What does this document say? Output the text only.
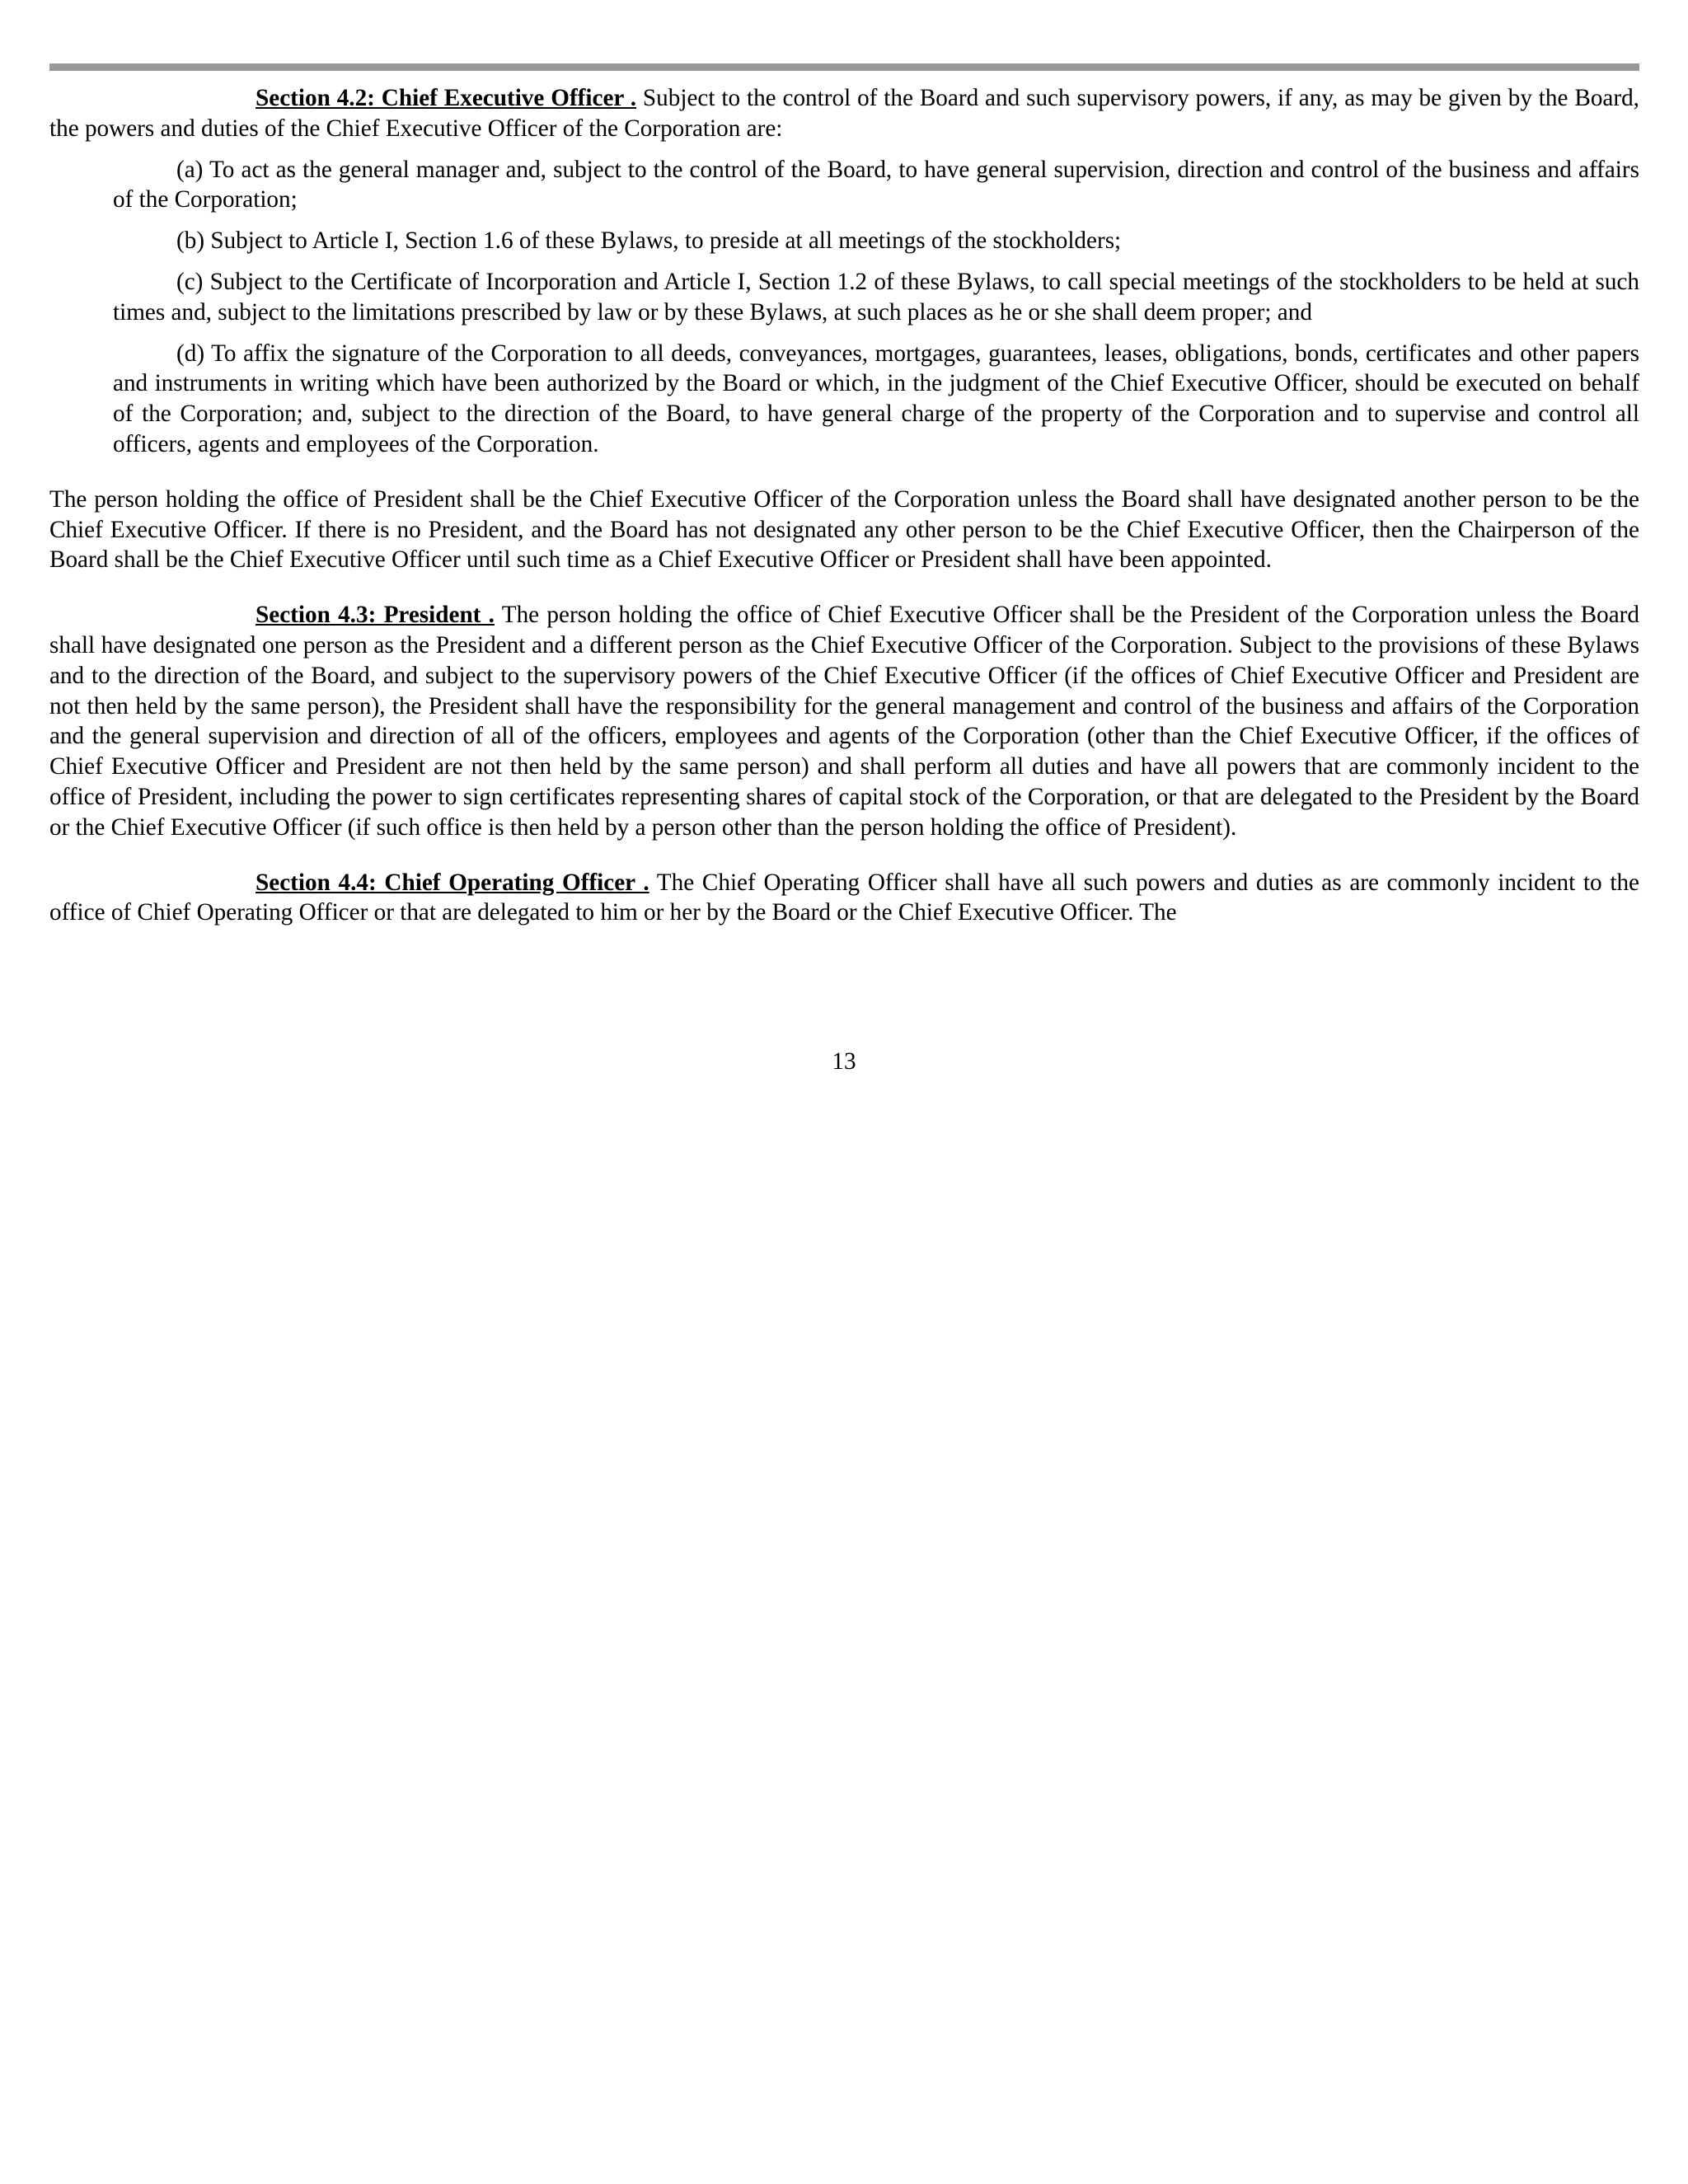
Section 4.2: Chief Executive Officer . Subject to the control of the Board and such supervisory powers, if any, as may be given by the Board, the powers and duties of the Chief Executive Officer of the Corporation are:

(a) To act as the general manager and, subject to the control of the Board, to have general supervision, direction and control of the business and affairs of the Corporation;

(b) Subject to Article I, Section 1.6 of these Bylaws, to preside at all meetings of the stockholders;

(c) Subject to the Certificate of Incorporation and Article I, Section 1.2 of these Bylaws, to call special meetings of the stockholders to be held at such times and, subject to the limitations prescribed by law or by these Bylaws, at such places as he or she shall deem proper; and

(d) To affix the signature of the Corporation to all deeds, conveyances, mortgages, guarantees, leases, obligations, bonds, certificates and other papers and instruments in writing which have been authorized by the Board or which, in the judgment of the Chief Executive Officer, should be executed on behalf of the Corporation; and, subject to the direction of the Board, to have general charge of the property of the Corporation and to supervise and control all officers, agents and employees of the Corporation.

The person holding the office of President shall be the Chief Executive Officer of the Corporation unless the Board shall have designated another person to be the Chief Executive Officer. If there is no President, and the Board has not designated any other person to be the Chief Executive Officer, then the Chairperson of the Board shall be the Chief Executive Officer until such time as a Chief Executive Officer or President shall have been appointed.

Section 4.3: President . The person holding the office of Chief Executive Officer shall be the President of the Corporation unless the Board shall have designated one person as the President and a different person as the Chief Executive Officer of the Corporation. Subject to the provisions of these Bylaws and to the direction of the Board, and subject to the supervisory powers of the Chief Executive Officer (if the offices of Chief Executive Officer and President are not then held by the same person), the President shall have the responsibility for the general management and control of the business and affairs of the Corporation and the general supervision and direction of all of the officers, employees and agents of the Corporation (other than the Chief Executive Officer, if the offices of Chief Executive Officer and President are not then held by the same person) and shall perform all duties and have all powers that are commonly incident to the office of President, including the power to sign certificates representing shares of capital stock of the Corporation, or that are delegated to the President by the Board or the Chief Executive Officer (if such office is then held by a person other than the person holding the office of President).

Section 4.4: Chief Operating Officer . The Chief Operating Officer shall have all such powers and duties as are commonly incident to the office of Chief Operating Officer or that are delegated to him or her by the Board or the Chief Executive Officer. The

13
